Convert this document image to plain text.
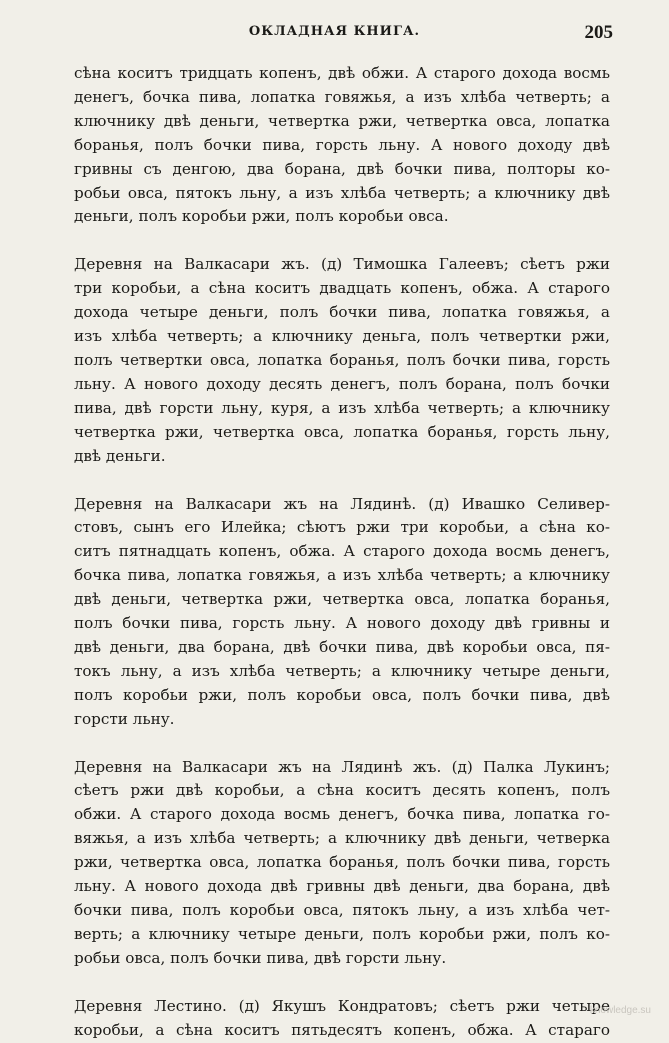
ОКЛАДНАЯ КНИГА.	205
сѣна коситъ тридцать копенъ, двѣ обжи. А старого дохода восмь
денегъ, бочка пива, лопатка говяжья, а изъ хлѣба четверть; а
ключнику двѣ деньги, четвертка ржи, четвертка овса, лопатка
боранья, полъ бочки пива, горсть льну. А нового доходу двѣ
гривны съ денгою, два борана, двѣ бочки пива, полторы ко-
робьи овса, пятокъ льну, а изъ хлѣба четверть; а ключнику двѣ
деньги, полъ коробьи ржи, полъ коробьи овса.
Деревня на Валкасари жъ. (д) Тимошка Галеевъ; сѣетъ ржи
три коробьи, а сѣна коситъ двадцать копенъ, обжа. А старого
дохода четыре деньги, полъ бочки пива, лопатка говяжья, а
изъ хлѣба четверть; а ключнику деньга, полъ четвертки ржи,
полъ четвертки овса, лопатка боранья, полъ бочки пива, горсть
льну. А нового доходу десять денегъ, полъ борана, полъ бочки
пива, двѣ горсти льну, куря, а изъ хлѣба четверть; а ключнику
четвертка ржи, четвертка овса, лопатка боранья, горсть льну,
двѣ деньги.
Деревня на Валкасари жъ на Лядинѣ. (д) Ивашко Селивер-
стовъ, сынъ его Илейка; сѣютъ ржи три коробьи, а сѣна ко-
ситъ пятнадцать копенъ, обжа. А старого дохода восмь денегъ,
бочка пива, лопатка говяжья, а изъ хлѣба четверть; а ключнику
двѣ деньги, четвертка ржи, четвертка овса, лопатка боранья,
полъ бочки пива, горсть льну. А нового доходу двѣ гривны и
двѣ деньги, два борана, двѣ бочки пива, двѣ коробьи овса, пя-
токъ льну, а изъ хлѣба четверть; а ключнику четыре деньги,
полъ коробьи ржи, полъ коробьи овса, полъ бочки пива, двѣ
горсти льну.
Деревня на Валкасари жъ на Лядинѣ жъ. (д) Палка Лукинъ;
сѣетъ ржи двѣ коробьи, а сѣна коситъ десять копенъ, полъ
обжи. А старого дохода восмь денегъ, бочка пива, лопатка го-
вяжья, а изъ хлѣба четверть; а ключнику двѣ деньги, четверка
ржи, четвертка овса, лопатка боранья, полъ бочки пива, горсть
льну. А нового дохода двѣ гривны двѣ деньги, два борана, двѣ
бочки пива, полъ коробьи овса, пятокъ льну, а изъ хлѣба чет-
верть; а ключнику четыре деньги, полъ коробьи ржи, полъ ко-
робьи овса, полъ бочки пива, двѣ горсти льну.
Деревня Лестино. (д) Якушъ Кондратовъ; сѣетъ ржи четыре
коробьи, а сѣна коситъ пятьдесятъ копенъ, обжа. А стараго
knowledge.su
